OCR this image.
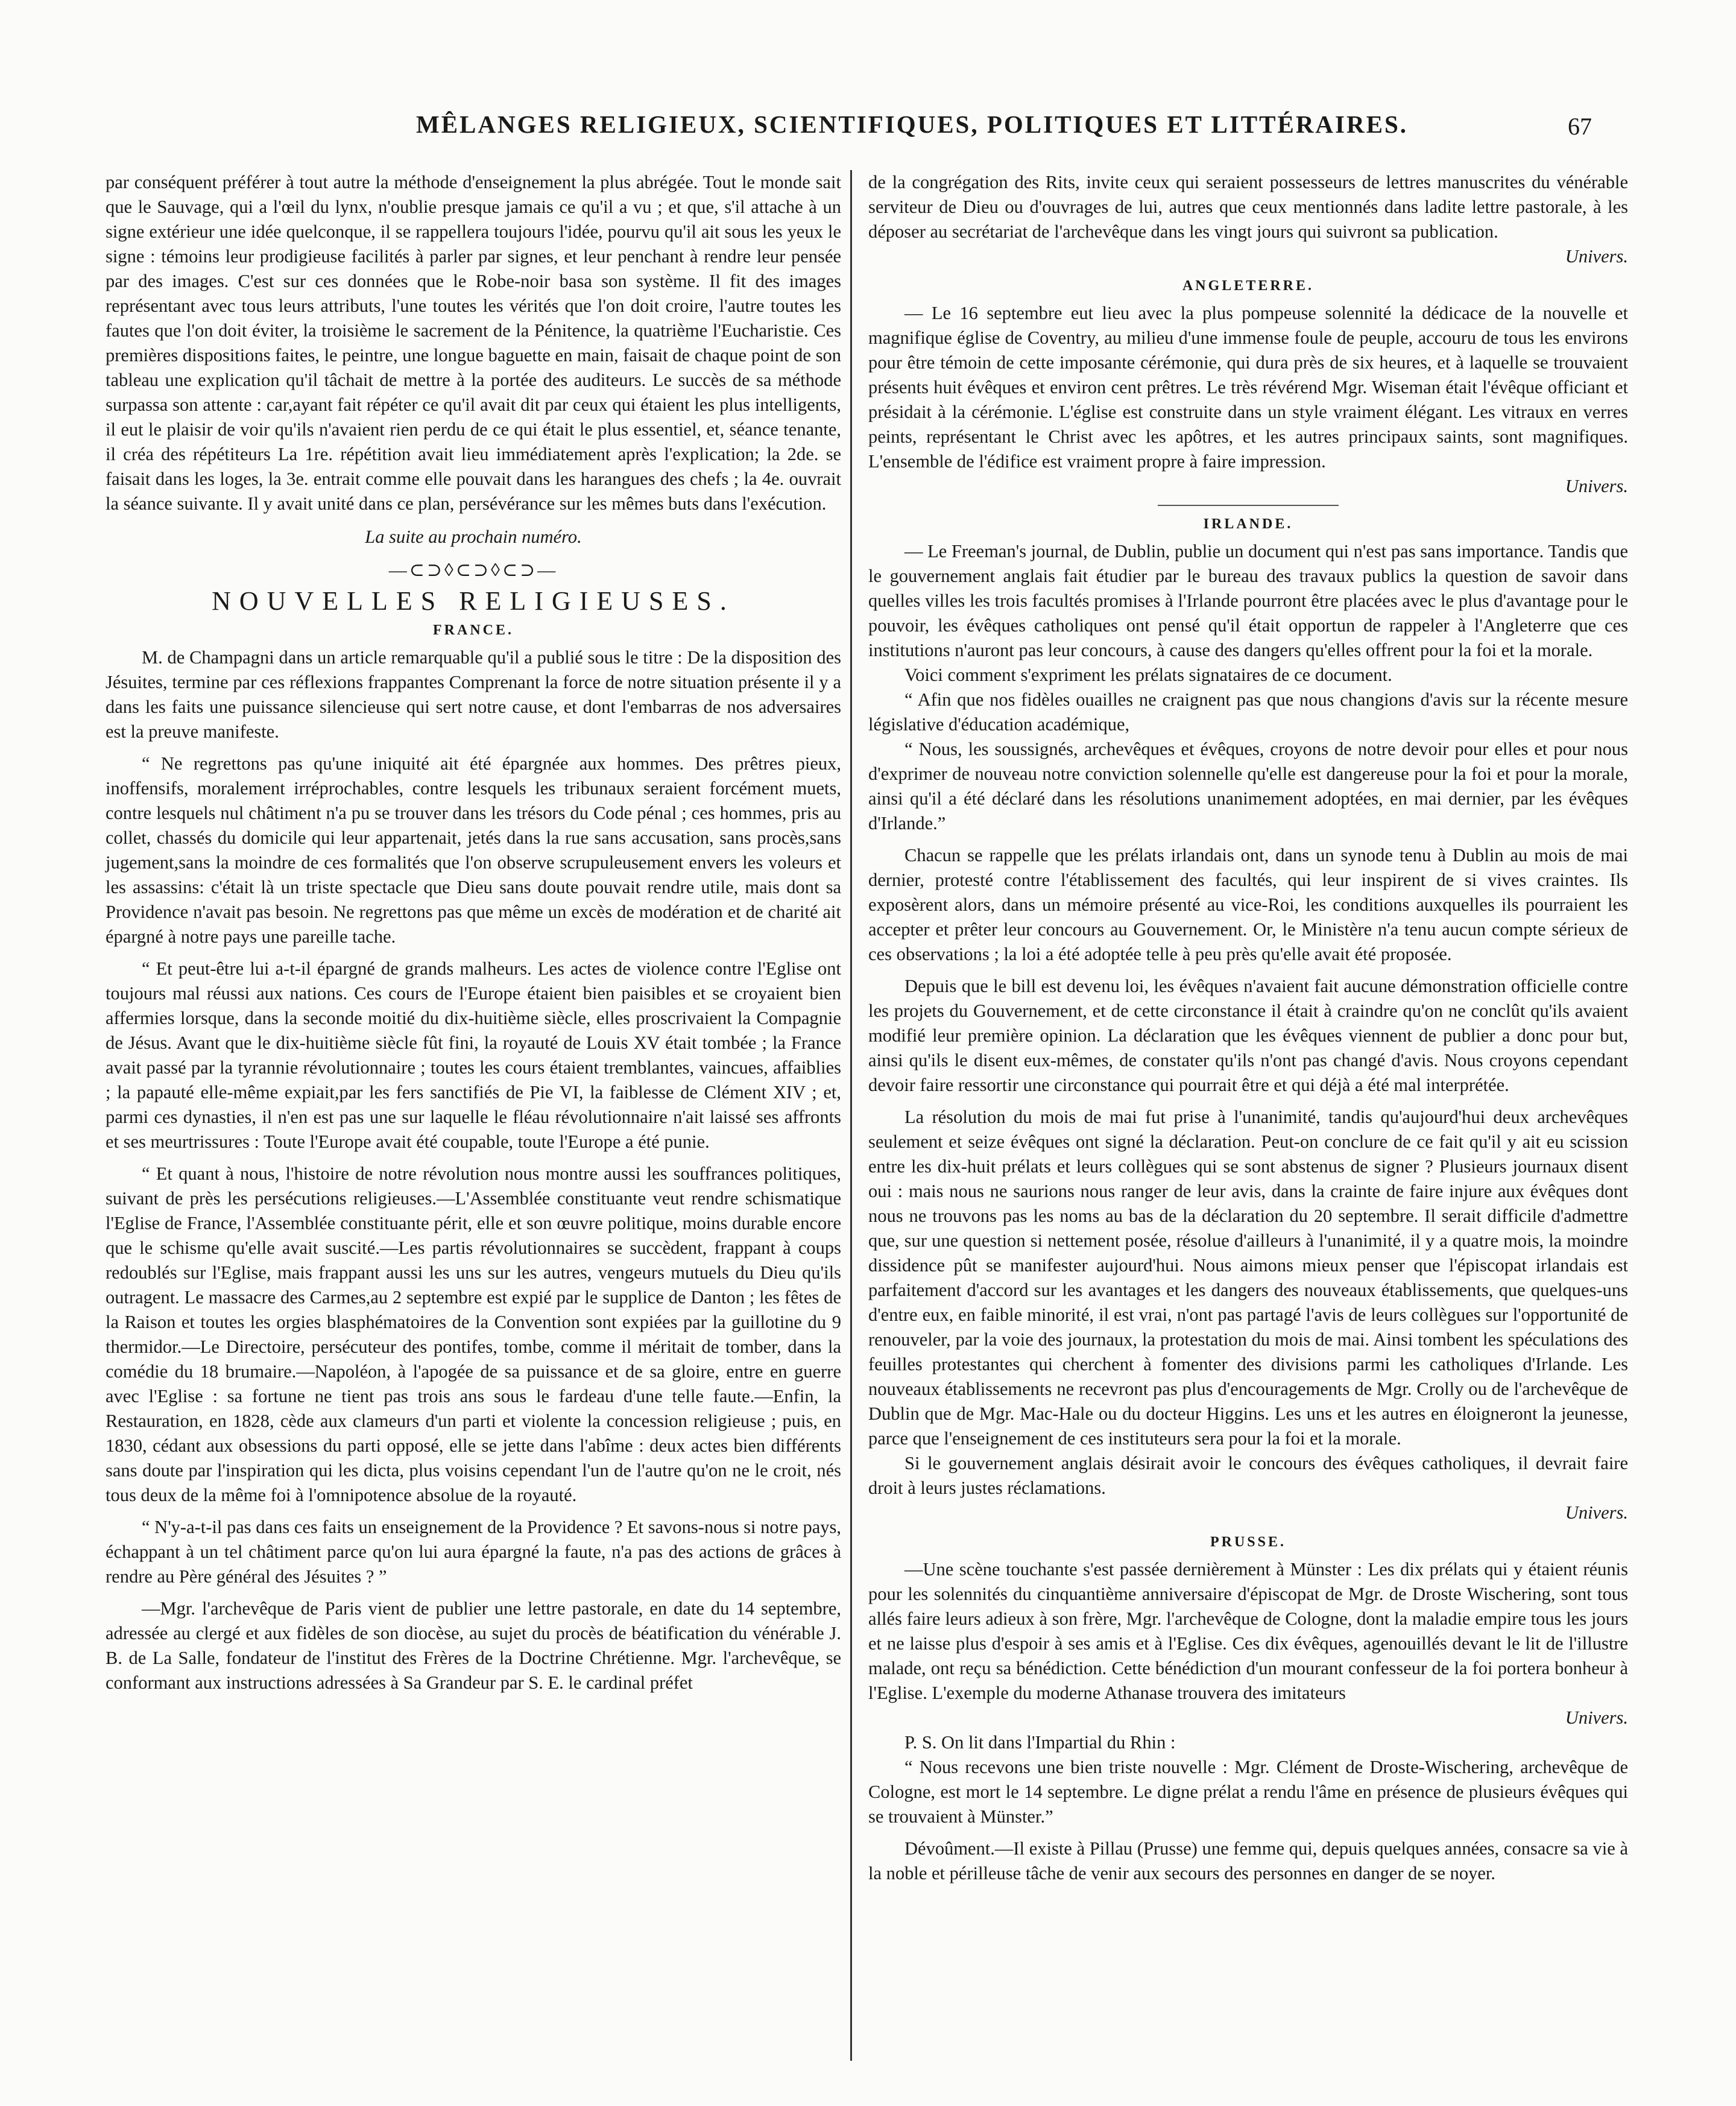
MÊLANGES RELIGIEUX, SCIENTIFIQUES, POLITIQUES ET LITTÉRAIRES.	67

par conséquent préférer à tout autre la méthode d'enseignement la plus abrégée. Tout le monde sait que le Sauvage, qui a l'œil du lynx, n'oublie presque jamais ce qu'il a vu ; et que, s'il attache à un signe extérieur une idée quelconque, il se rappellera toujours l'idée, pourvu qu'il ait sous les yeux le signe : témoins leur prodigieuse facilités à parler par signes, et leur penchant à rendre leur pensée par des images. C'est sur ces données que le Robe-noir basa son système. Il fit des images représentant avec tous leurs attributs, l'une toutes les vérités que l'on doit croire, l'autre toutes les fautes que l'on doit éviter, la troisième le sacrement de la Pénitence, la quatrième l'Eucharistie. Ces premières dispositions faites, le peintre, une longue baguette en main, faisait de chaque point de son tableau une explication qu'il tâchait de mettre à la portée des auditeurs. Le succès de sa méthode surpassa son attente : car,ayant fait répéter ce qu'il avait dit par ceux qui étaient les plus intelligents, il eut le plaisir de voir qu'ils n'avaient rien perdu de ce qui était le plus essentiel, et, séance tenante, il créa des répétiteurs La 1re. répétition avait lieu immédiatement après l'explication; la 2de. se faisait dans les loges, la 3e. entrait comme elle pouvait dans les harangues des chefs ; la 4e. ouvrait la séance suivante. Il y avait unité dans ce plan, persévérance sur les mêmes buts dans l'exécution.

La suite au prochain numéro.

—⊂⊃◊⊂⊃◊⊂⊃—
NOUVELLES RELIGIEUSES.
FRANCE.

M. de Champagni dans un article remarquable qu'il a publié sous le titre : De la disposition des Jésuites, termine par ces réflexions frappantes Comprenant la force de notre situation présente il y a dans les faits une puissance silencieuse qui sert notre cause, et dont l'embarras de nos adversaires est la preuve manifeste.

“ Ne regrettons pas qu'une iniquité ait été épargnée aux hommes. Des prêtres pieux, inoffensifs, moralement irréprochables, contre lesquels les tribunaux seraient forcément muets, contre lesquels nul châtiment n'a pu se trouver dans les trésors du Code pénal ; ces hommes, pris au collet, chassés du domicile qui leur appartenait, jetés dans la rue sans accusation, sans procès,sans jugement,sans la moindre de ces formalités que l'on observe scrupuleusement envers les voleurs et les assassins: c'était là un triste spectacle que Dieu sans doute pouvait rendre utile, mais dont sa Providence n'avait pas besoin. Ne regrettons pas que même un excès de modération et de charité ait épargné à notre pays une pareille tache.

“ Et peut-être lui a-t-il épargné de grands malheurs. Les actes de violence contre l'Eglise ont toujours mal réussi aux nations. Ces cours de l'Europe étaient bien paisibles et se croyaient bien affermies lorsque, dans la seconde moitié du dix-huitième siècle, elles proscrivaient la Compagnie de Jésus. Avant que le dix-huitième siècle fût fini, la royauté de Louis XV était tombée ; la France avait passé par la tyrannie révolutionnaire ; toutes les cours étaient tremblantes, vaincues, affaiblies ; la papauté elle-même expiait,par les fers sanctifiés de Pie VI, la faiblesse de Clément XIV ; et, parmi ces dynasties, il n'en est pas une sur laquelle le fléau révolutionnaire n'ait laissé ses affronts et ses meurtrissures : Toute l'Europe avait été coupable, toute l'Europe a été punie.

“ Et quant à nous, l'histoire de notre révolution nous montre aussi les souffrances politiques, suivant de près les persécutions religieuses.—L'Assemblée constituante veut rendre schismatique l'Eglise de France, l'Assemblée constituante périt, elle et son œuvre politique, moins durable encore que le schisme qu'elle avait suscité.—Les partis révolutionnaires se succèdent, frappant à coups redoublés sur l'Eglise, mais frappant aussi les uns sur les autres, vengeurs mutuels du Dieu qu'ils outragent. Le massacre des Carmes,au 2 septembre est expié par le supplice de Danton ; les fêtes de la Raison et toutes les orgies blasphématoires de la Convention sont expiées par la guillotine du 9 thermidor.—Le Directoire, persécuteur des pontifes, tombe, comme il méritait de tomber, dans la comédie du 18 brumaire.—Napoléon, à l'apogée de sa puissance et de sa gloire, entre en guerre avec l'Eglise : sa fortune ne tient pas trois ans sous le fardeau d'une telle faute.—Enfin, la Restauration, en 1828, cède aux clameurs d'un parti et violente la concession religieuse ; puis, en 1830, cédant aux obsessions du parti opposé, elle se jette dans l'abîme : deux actes bien différents sans doute par l'inspiration qui les dicta, plus voisins cependant l'un de l'autre qu'on ne le croit, nés tous deux de la même foi à l'omnipotence absolue de la royauté.

“ N'y-a-t-il pas dans ces faits un enseignement de la Providence ? Et savons-nous si notre pays, échappant à un tel châtiment parce qu'on lui aura épargné la faute, n'a pas des actions de grâces à rendre au Père général des Jésuites ? ”

—Mgr. l'archevêque de Paris vient de publier une lettre pastorale, en date du 14 septembre, adressée au clergé et aux fidèles de son diocèse, au sujet du procès de béatification du vénérable J. B. de La Salle, fondateur de l'institut des Frères de la Doctrine Chrétienne. Mgr. l'archevêque, se conformant aux instructions adressées à Sa Grandeur par S. E. le cardinal préfet

de la congrégation des Rits, invite ceux qui seraient possesseurs de lettres manuscrites du vénérable serviteur de Dieu ou d'ouvrages de lui, autres que ceux mentionnés dans ladite lettre pastorale, à les déposer au secrétariat de l'archevêque dans les vingt jours qui suivront sa publication.

Univers.

ANGLETERRE.

— Le 16 septembre eut lieu avec la plus pompeuse solennité la dédicace de la nouvelle et magnifique église de Coventry, au milieu d'une immense foule de peuple, accouru de tous les environs pour être témoin de cette imposante cérémonie, qui dura près de six heures, et à laquelle se trouvaient présents huit évêques et environ cent prêtres. Le très révérend Mgr. Wiseman était l'évêque officiant et présidait à la cérémonie. L'église est construite dans un style vraiment élégant. Les vitraux en verres peints, représentant le Christ avec les apôtres, et les autres principaux saints, sont magnifiques. L'ensemble de l'édifice est vraiment propre à faire impression.

Univers.

IRLANDE.

— Le Freeman's journal, de Dublin, publie un document qui n'est pas sans importance. Tandis que le gouvernement anglais fait étudier par le bureau des travaux publics la question de savoir dans quelles villes les trois facultés promises à l'Irlande pourront être placées avec le plus d'avantage pour le pouvoir, les évêques catholiques ont pensé qu'il était opportun de rappeler à l'Angleterre que ces institutions n'auront pas leur concours, à cause des dangers qu'elles offrent pour la foi et la morale.

Voici comment s'expriment les prélats signataires de ce document.

“ Afin que nos fidèles ouailles ne craignent pas que nous changions d'avis sur la récente mesure législative d'éducation académique,

“ Nous, les soussignés, archevêques et évêques, croyons de notre devoir pour elles et pour nous d'exprimer de nouveau notre conviction solennelle qu'elle est dangereuse pour la foi et pour la morale, ainsi qu'il a été déclaré dans les résolutions unanimement adoptées, en mai dernier, par les évêques d'Irlande.”

Chacun se rappelle que les prélats irlandais ont, dans un synode tenu à Dublin au mois de mai dernier, protesté contre l'établissement des facultés, qui leur inspirent de si vives craintes. Ils exposèrent alors, dans un mémoire présenté au vice-Roi, les conditions auxquelles ils pourraient les accepter et prêter leur concours au Gouvernement. Or, le Ministère n'a tenu aucun compte sérieux de ces observations ; la loi a été adoptée telle à peu près qu'elle avait été proposée.

Depuis que le bill est devenu loi, les évêques n'avaient fait aucune démonstration officielle contre les projets du Gouvernement, et de cette circonstance il était à craindre qu'on ne conclût qu'ils avaient modifié leur première opinion. La déclaration que les évêques viennent de publier a donc pour but, ainsi qu'ils le disent eux-mêmes, de constater qu'ils n'ont pas changé d'avis. Nous croyons cependant devoir faire ressortir une circonstance qui pourrait être et qui déjà a été mal interprétée.

La résolution du mois de mai fut prise à l'unanimité, tandis qu'aujourd'hui deux archevêques seulement et seize évêques ont signé la déclaration. Peut-on conclure de ce fait qu'il y ait eu scission entre les dix-huit prélats et leurs collègues qui se sont abstenus de signer ? Plusieurs journaux disent oui : mais nous ne saurions nous ranger de leur avis, dans la crainte de faire injure aux évêques dont nous ne trouvons pas les noms au bas de la déclaration du 20 septembre. Il serait difficile d'admettre que, sur une question si nettement posée, résolue d'ailleurs à l'unanimité, il y a quatre mois, la moindre dissidence pût se manifester aujourd'hui. Nous aimons mieux penser que l'épiscopat irlandais est parfaitement d'accord sur les avantages et les dangers des nouveaux établissements, que quelques-uns d'entre eux, en faible minorité, il est vrai, n'ont pas partagé l'avis de leurs collègues sur l'opportunité de renouveler, par la voie des journaux, la protestation du mois de mai. Ainsi tombent les spéculations des feuilles protestantes qui cherchent à fomenter des divisions parmi les catholiques d'Irlande. Les nouveaux établissements ne recevront pas plus d'encouragements de Mgr. Crolly ou de l'archevêque de Dublin que de Mgr. Mac-Hale ou du docteur Higgins. Les uns et les autres en éloigneront la jeunesse, parce que l'enseignement de ces instituteurs sera pour la foi et la morale.

Si le gouvernement anglais désirait avoir le concours des évêques catholiques, il devrait faire droit à leurs justes réclamations.

Univers.

PRUSSE.

—Une scène touchante s'est passée dernièrement à Münster : Les dix prélats qui y étaient réunis pour les solennités du cinquantième anniversaire d'épiscopat de Mgr. de Droste Wischering, sont tous allés faire leurs adieux à son frère, Mgr. l'archevêque de Cologne, dont la maladie empire tous les jours et ne laisse plus d'espoir à ses amis et à l'Eglise. Ces dix évêques, agenouillés devant le lit de l'illustre malade, ont reçu sa bénédiction. Cette bénédiction d'un mourant confesseur de la foi portera bonheur à l'Eglise. L'exemple du moderne Athanase trouvera des imitateurs

Univers.

P. S. On lit dans l'Impartial du Rhin :

“ Nous recevons une bien triste nouvelle : Mgr. Clément de Droste-Wischering, archevêque de Cologne, est mort le 14 septembre. Le digne prélat a rendu l'âme en présence de plusieurs évêques qui se trouvaient à Münster.”

Dévoûment.—Il existe à Pillau (Prusse) une femme qui, depuis quelques années, consacre sa vie à la noble et périlleuse tâche de venir aux secours des personnes en danger de se noyer.
